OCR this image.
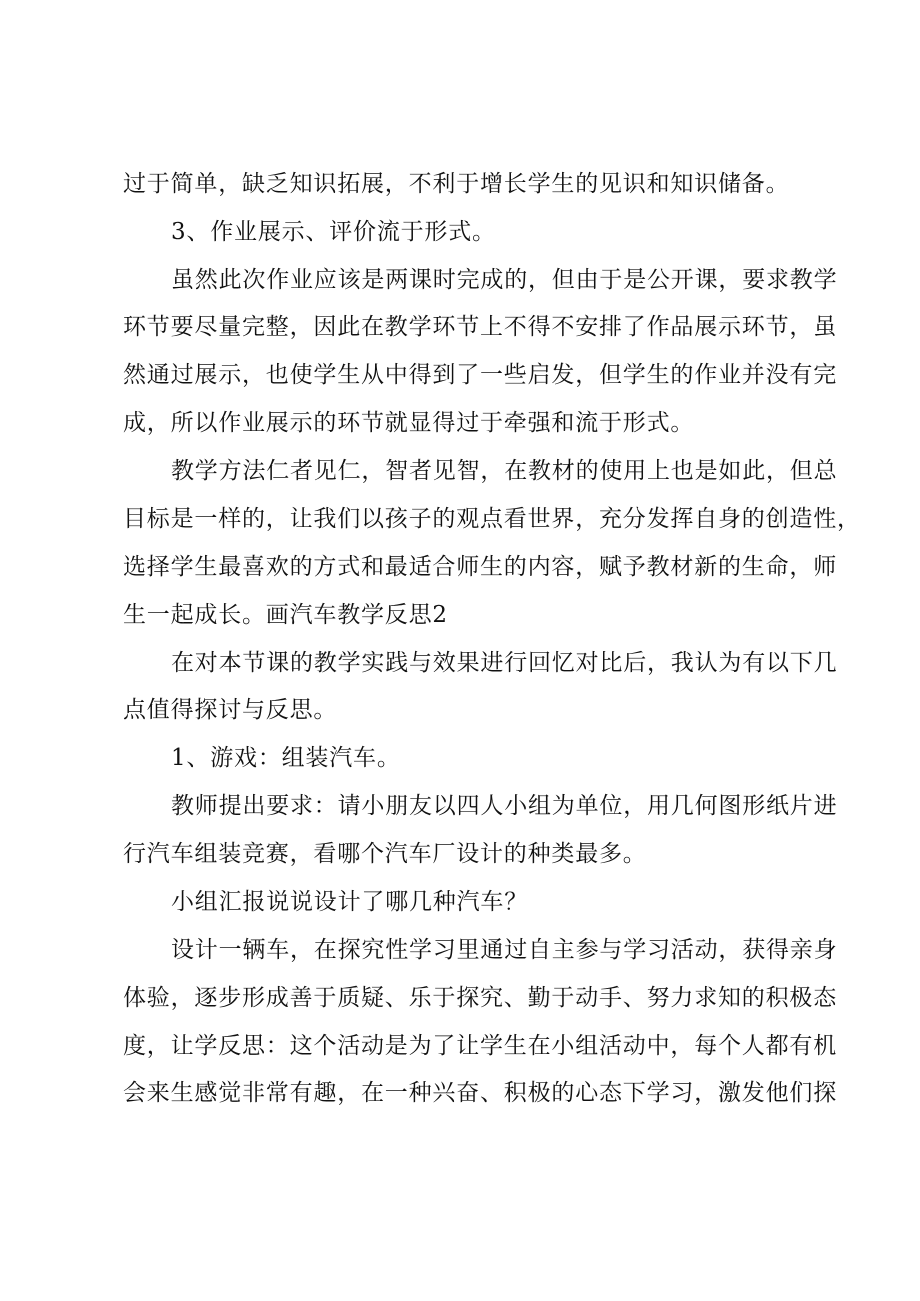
过于简单，缺乏知识拓展，不利于增长学生的见识和知识储备。
3、作业展示、评价流于形式。
虽然此次作业应该是两课时完成的，但由于是公开课，要求教学
环节要尽量完整，因此在教学环节上不得不安排了作品展示环节，虽
然通过展示，也使学生从中得到了一些启发，但学生的作业并没有完
成，所以作业展示的环节就显得过于牵强和流于形式。
教学方法仁者见仁，智者见智，在教材的使用上也是如此，但总
目标是一样的，让我们以孩子的观点看世界，充分发挥自身的创造性，
选择学生最喜欢的方式和最适合师生的内容，赋予教材新的生命，师
生一起成长。画汽车教学反思2
在对本节课的教学实践与效果进行回忆对比后，我认为有以下几
点值得探讨与反思。
1、游戏：组装汽车。
教师提出要求：请小朋友以四人小组为单位，用几何图形纸片进
行汽车组装竞赛，看哪个汽车厂设计的种类最多。
小组汇报说说设计了哪几种汽车？
设计一辆车，在探究性学习里通过自主参与学习活动，获得亲身
体验，逐步形成善于质疑、乐于探究、勤于动手、努力求知的积极态
度，让学反思：这个活动是为了让学生在小组活动中，每个人都有机
会来生感觉非常有趣，在一种兴奋、积极的心态下学习，激发他们探
